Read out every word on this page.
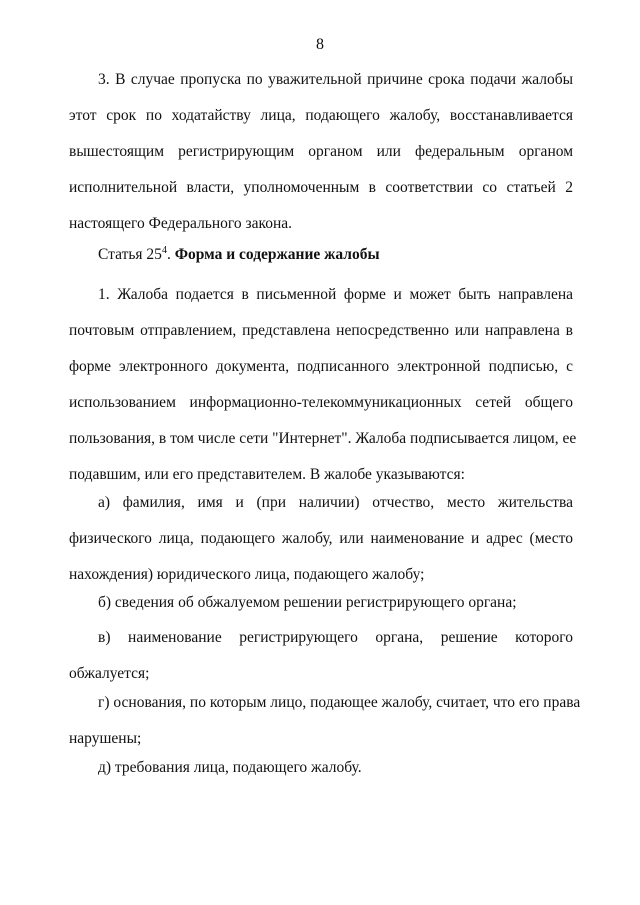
8
3. В случае пропуска по уважительной причине срока подачи жалобы
этот срок по ходатайству лица, подающего жалобу, восстанавливается
вышестоящим регистрирующим органом или федеральным органом
исполнительной власти, уполномоченным в соответствии со статьей 2
настоящего Федерального закона.
Статья $25^4$. Форма и содержание жалобы
1. Жалоба подается в письменной форме и может быть направлена
почтовым отправлением, представлена непосредственно или направлена в
форме электронного документа, подписанного электронной подписью, с
использованием информационно-телекоммуникационных сетей общего
пользования, в том числе сети "Интернет". Жалоба подписывается лицом, ее
подавшим, или его представителем. В жалобе указываются:
а) фамилия, имя и (при наличии) отчество, место жительства
физического лица, подающего жалобу, или наименование и адрес (место
нахождения) юридического лица, подающего жалобу;
б) сведения об обжалуемом решении регистрирующего органа;
в) наименование регистрирующего органа, решение которого
обжалуется;
г) основания, по которым лицо, подающее жалобу, считает, что его права
нарушены;
д) требования лица, подающего жалобу.
